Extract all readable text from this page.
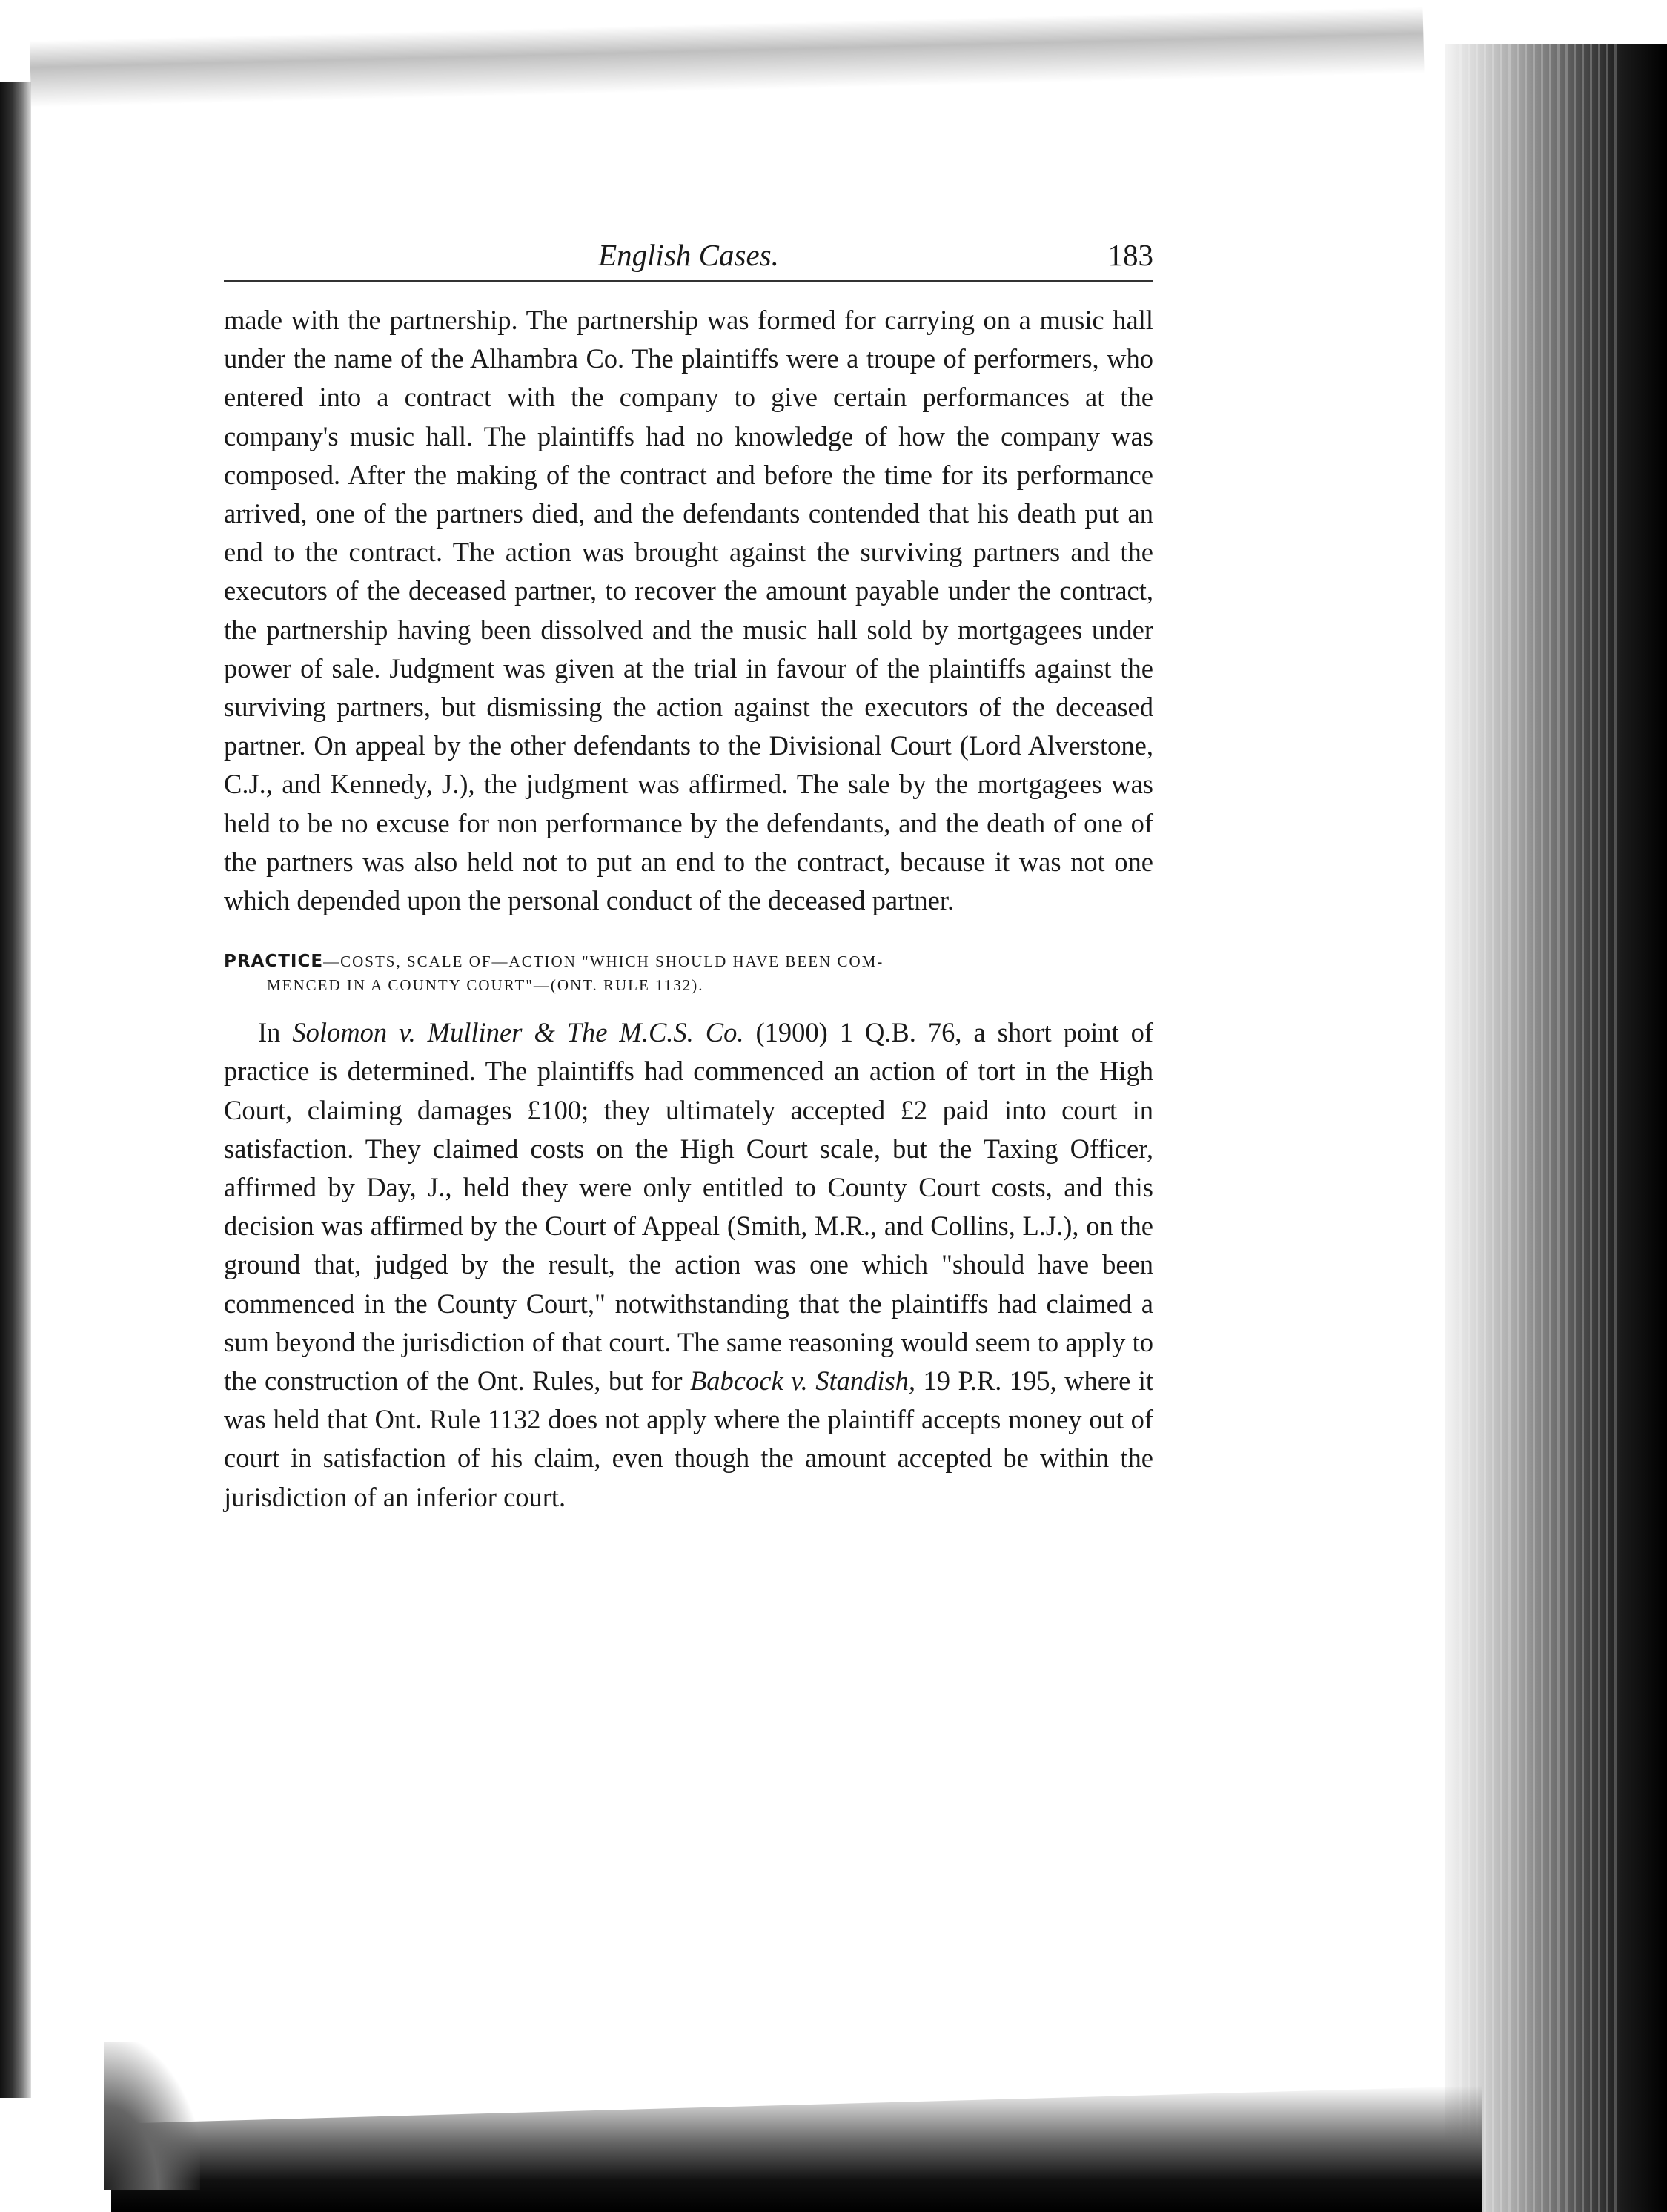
English Cases.	183

made with the partnership. The partnership was formed for carrying on a music hall under the name of the Alhambra Co. The plaintiffs were a troupe of performers, who entered into a contract with the company to give certain performances at the company's music hall. The plaintiffs had no knowledge of how the company was composed. After the making of the contract and before the time for its performance arrived, one of the partners died, and the defendants contended that his death put an end to the contract. The action was brought against the surviving partners and the executors of the deceased partner, to recover the amount payable under the contract, the partnership having been dissolved and the music hall sold by mortgagees under power of sale. Judgment was given at the trial in favour of the plaintiffs against the surviving partners, but dismissing the action against the executors of the deceased partner. On appeal by the other defendants to the Divisional Court (Lord Alverstone, C.J., and Kennedy, J.), the judgment was affirmed. The sale by the mortgagees was held to be no excuse for non performance by the defendants, and the death of one of the partners was also held not to put an end to the contract, because it was not one which depended upon the personal conduct of the deceased partner.

PRACTICE—COSTS, SCALE OF—ACTION "WHICH SHOULD HAVE BEEN COM-
MENCED IN A COUNTY COURT"—(ONT. RULE 1132).
In Solomon v. Mulliner & The M.C.S. Co. (1900) 1 Q.B. 76, a short point of practice is determined. The plaintiffs had commenced an action of tort in the High Court, claiming damages £100; they ultimately accepted £2 paid into court in satisfaction. They claimed costs on the High Court scale, but the Taxing Officer, affirmed by Day, J., held they were only entitled to County Court costs, and this decision was affirmed by the Court of Appeal (Smith, M.R., and Collins, L.J.), on the ground that, judged by the result, the action was one which "should have been commenced in the County Court," notwithstanding that the plaintiffs had claimed a sum beyond the jurisdiction of that court. The same reasoning would seem to apply to the construction of the Ont. Rules, but for Babcock v. Standish, 19 P.R. 195, where it was held that Ont. Rule 1132 does not apply where the plaintiff accepts money out of court in satisfaction of his claim, even though the amount accepted be within the jurisdiction of an inferior court.
